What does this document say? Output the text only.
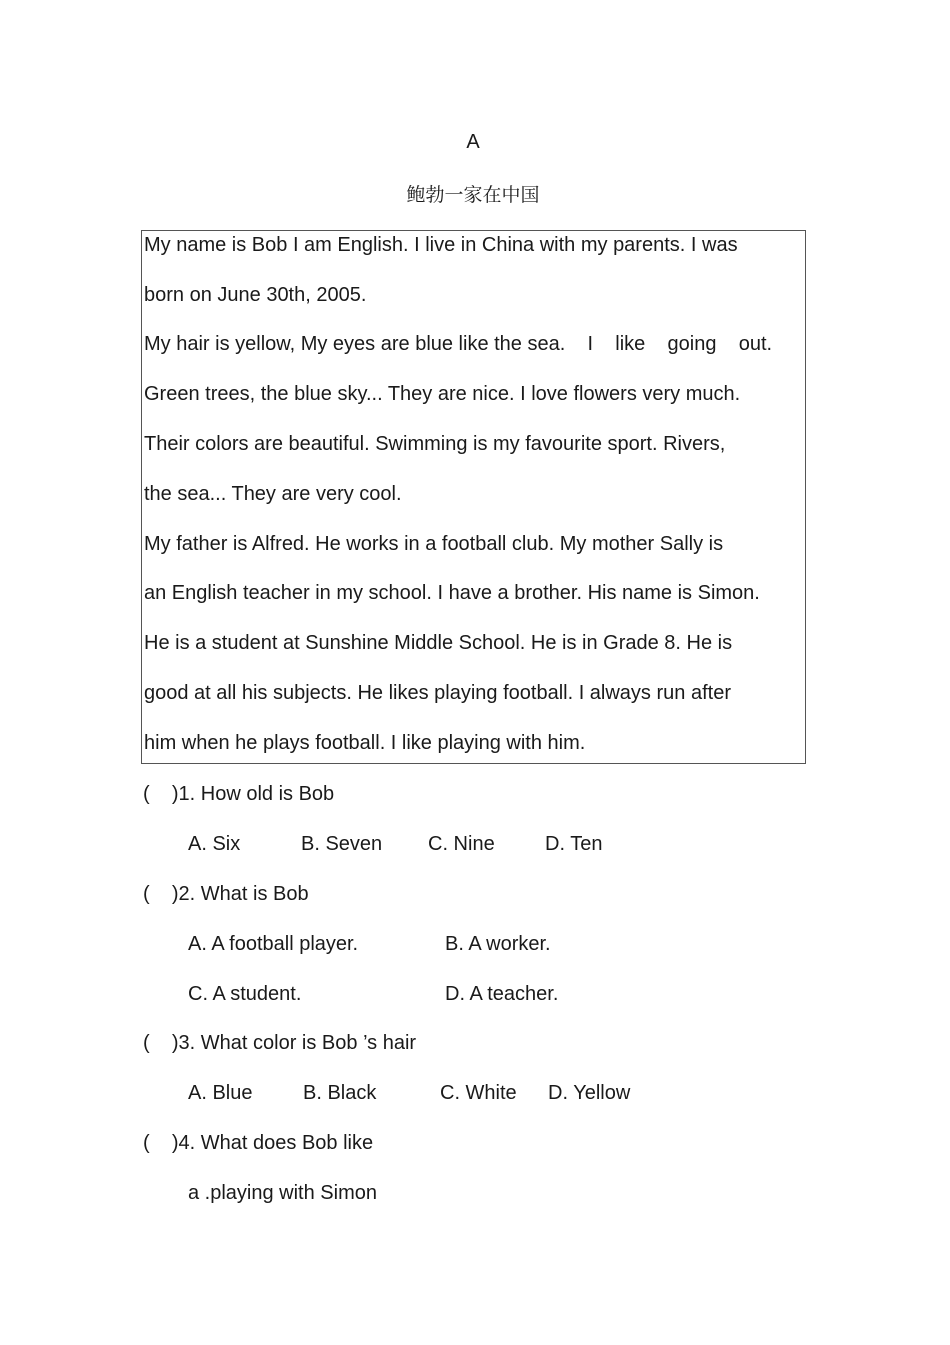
A
鲍勃一家在中国
My name is Bob I am English. I live in China with my parents. I was
born on June 30th, 2005.
My hair is yellow, My eyes are blue like the sea.    I    like    going    out.
Green trees, the blue sky... They are nice. I love flowers very much.
Their colors are beautiful. Swimming is my favourite sport. Rivers,
the sea... They are very cool.
My father is Alfred. He works in a football club. My mother Sally is
an English teacher in my school. I have a brother. His name is Simon.
He is a student at Sunshine Middle School. He is in Grade 8. He is
good at all his subjects. He likes playing football. I always run after
him when he plays football. I like playing with him.
(    )1. How old is Bob
A. Six	B. Seven C. Nine	D. Ten
(    )2. What is Bob
A. A football player.	B. A worker.
C. A student.	D. A teacher.
(    )3. What color is Bob ’s hair
A. Blue	B. Black	C. White D. Yellow
(    )4. What does Bob like
a .playing with Simon
